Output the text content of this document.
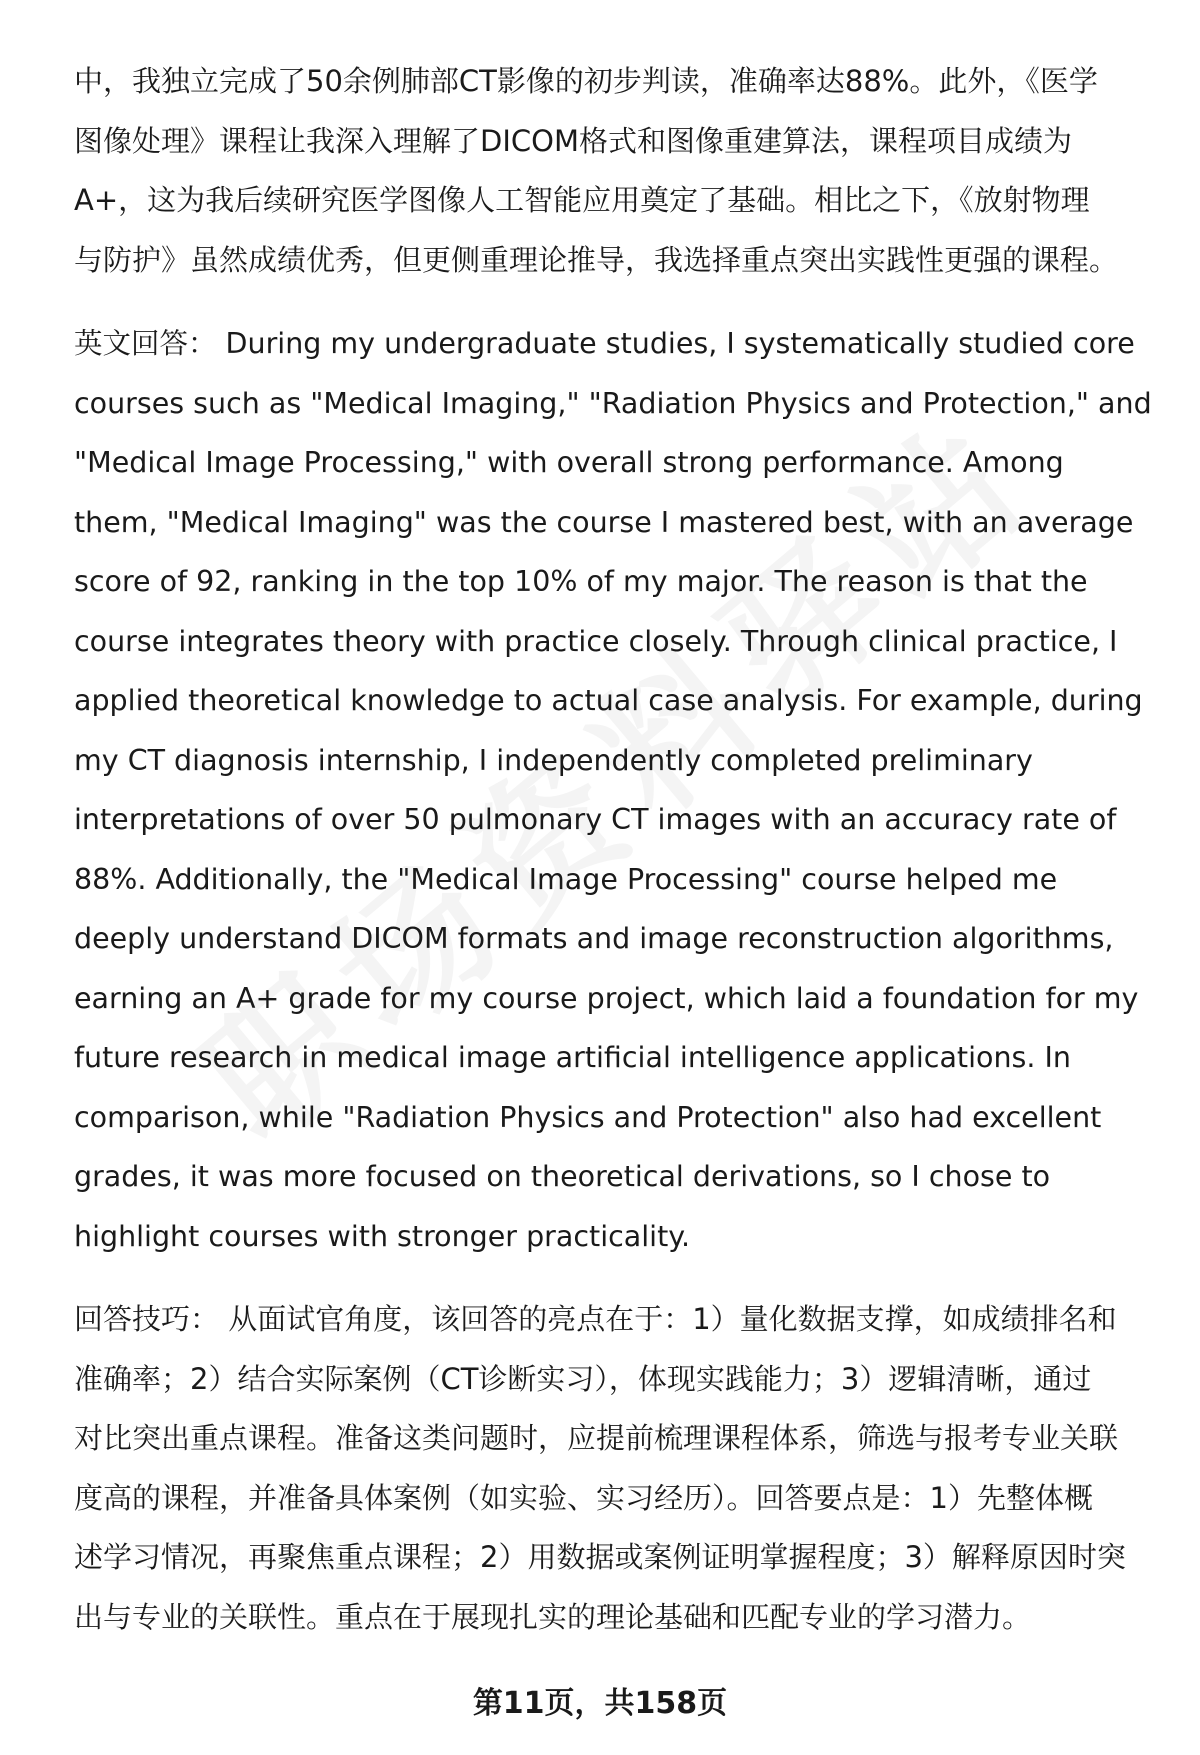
中，我独立完成了50余例肺部CT影像的初步判读，准确率达88%。此外，《医学
图像处理》课程让我深入理解了DICOM格式和图像重建算法，课程项目成绩为
A+，这为我后续研究医学图像人工智能应用奠定了基础。相比之下，《放射物理
与防护》虽然成绩优秀，但更侧重理论推导，我选择重点突出实践性更强的课程。

英文回答： During my undergraduate studies, I systematically studied core
courses such as "Medical Imaging," "Radiation Physics and Protection," and
"Medical Image Processing," with overall strong performance. Among
them, "Medical Imaging" was the course I mastered best, with an average
score of 92, ranking in the top 10% of my major. The reason is that the
course integrates theory with practice closely. Through clinical practice, I
applied theoretical knowledge to actual case analysis. For example, during
my CT diagnosis internship, I independently completed preliminary
interpretations of over 50 pulmonary CT images with an accuracy rate of
88%. Additionally, the "Medical Image Processing" course helped me
deeply understand DICOM formats and image reconstruction algorithms,
earning an A+ grade for my course project, which laid a foundation for my
future research in medical image artificial intelligence applications. In
comparison, while "Radiation Physics and Protection" also had excellent
grades, it was more focused on theoretical derivations, so I chose to
highlight courses with stronger practicality.

回答技巧： 从面试官角度，该回答的亮点在于：1）量化数据支撑，如成绩排名和
准确率；2）结合实际案例（CT诊断实习），体现实践能力；3）逻辑清晰，通过
对比突出重点课程。准备这类问题时，应提前梳理课程体系，筛选与报考专业关联
度高的课程，并准备具体案例（如实验、实习经历）。回答要点是：1）先整体概
述学习情况，再聚焦重点课程；2）用数据或案例证明掌握程度；3）解释原因时突
出与专业的关联性。重点在于展现扎实的理论基础和匹配专业的学习潜力。

第11页，共158页
